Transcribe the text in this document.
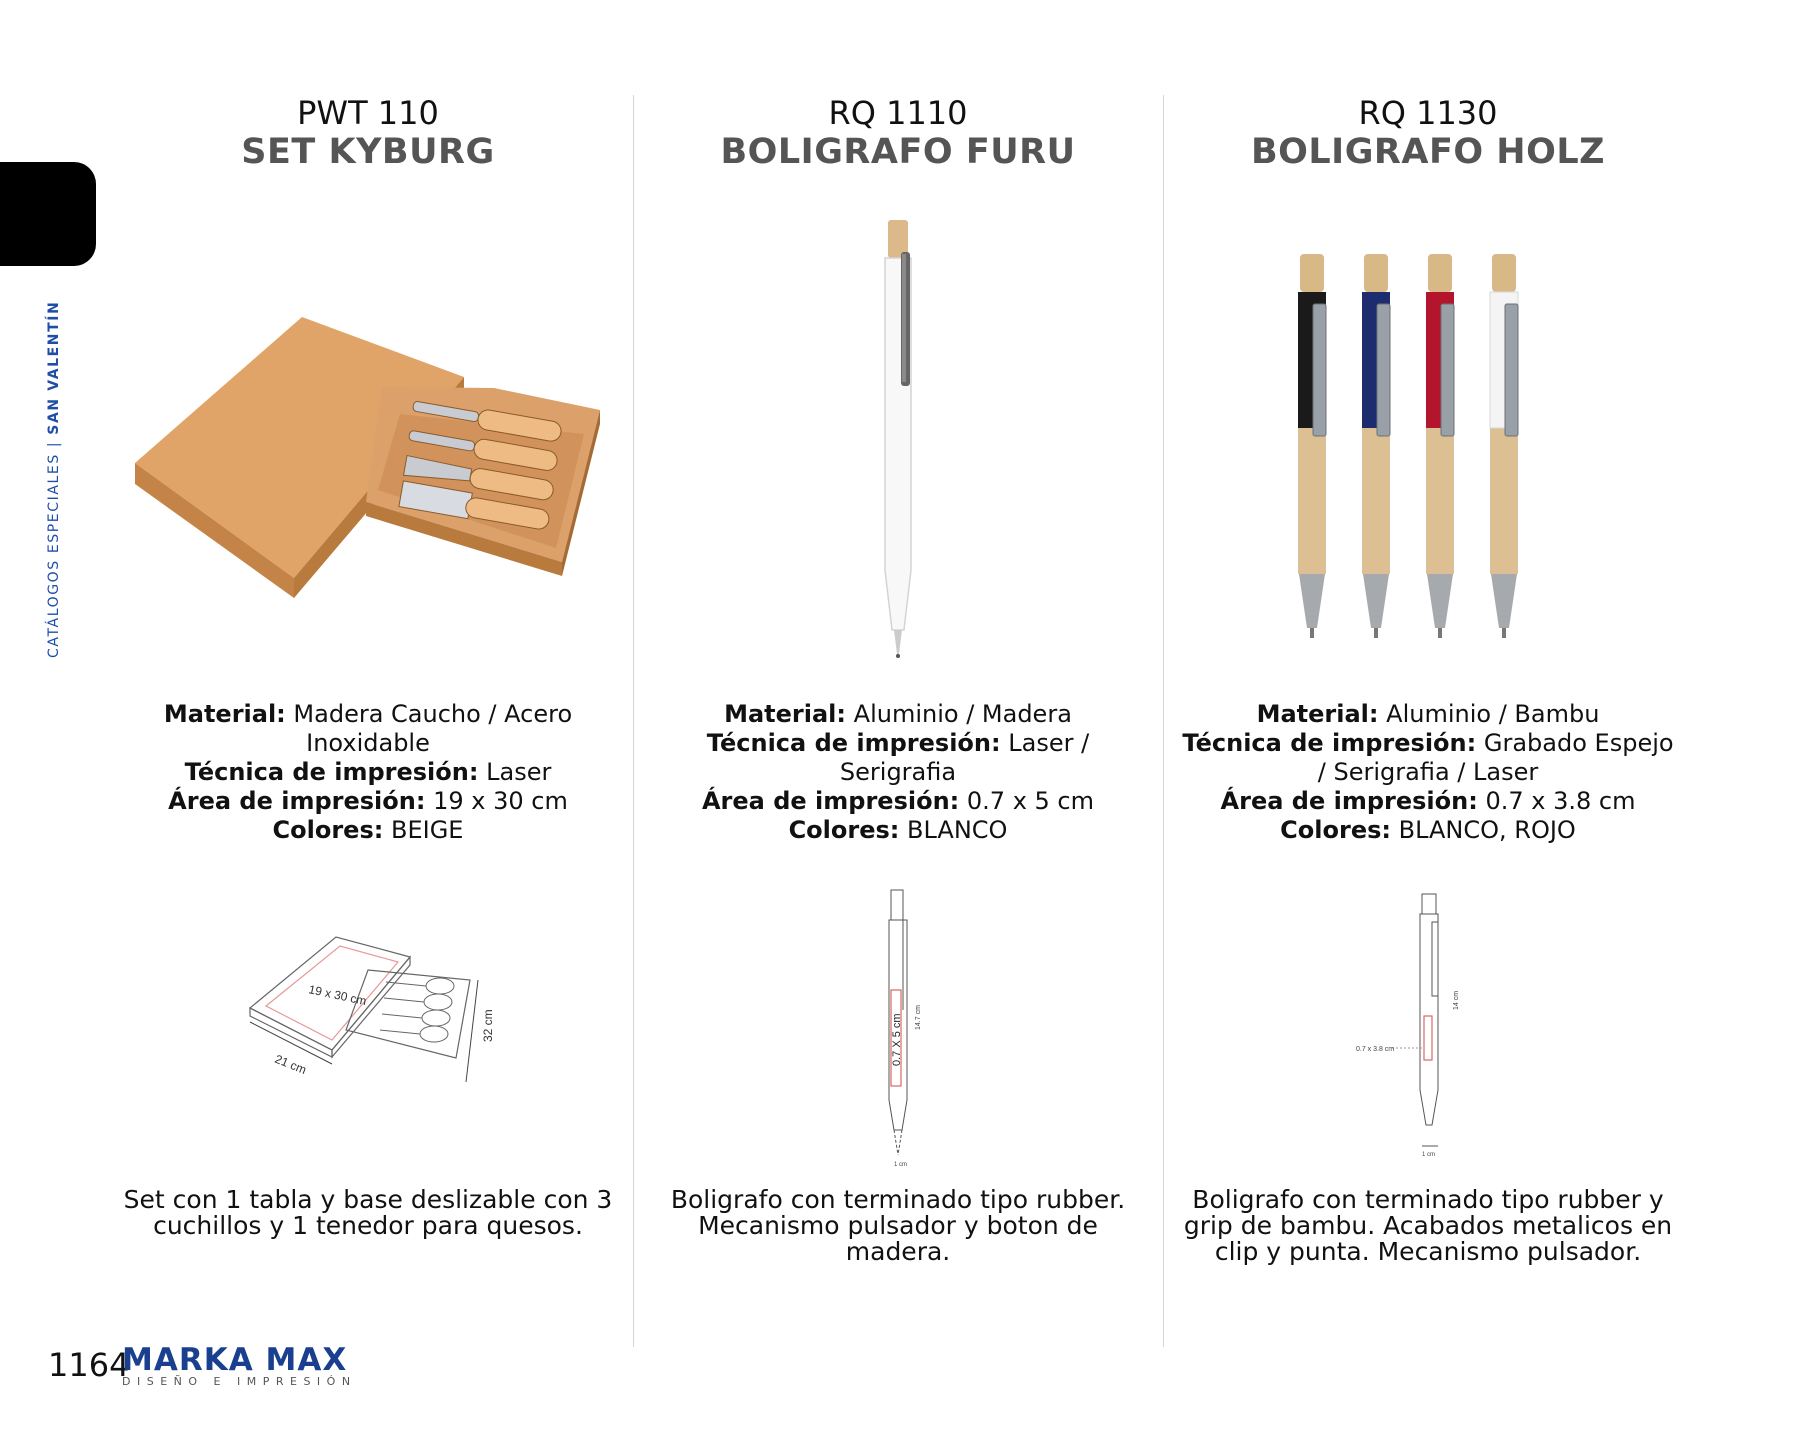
CATÁLOGOS ESPECIALES | SAN VALENTÍN
PWT 110
SET KYBURG
Material: Madera Caucho / Acero Inoxidable
Técnica de impresión: Laser
Área de impresión: 19 x 30 cm
Colores: BEIGE
19 x 30 cm
21 cm
32 cm
Set con 1 tabla y base deslizable con 3 cuchillos y 1 tenedor para quesos.
RQ 1110
BOLIGRAFO FURU
Material: Aluminio / Madera
Técnica de impresión: Laser / Serigrafia
Área de impresión: 0.7 x 5 cm
Colores: BLANCO
0.7 X 5 cm 14.7 cm
1 cm
Boligrafo con terminado tipo rubber. Mecanismo pulsador y boton de madera.
RQ 1130
BOLIGRAFO HOLZ
Material: Aluminio / Bambu
Técnica de impresión: Grabado Espejo / Serigrafia / Laser
Área de impresión: 0.7 x 3.8 cm
Colores: BLANCO, ROJO
0.7 x 3.8 cm
14 cm
1 cm
Boligrafo con terminado tipo rubber y grip de bambu. Acabados metalicos en clip y punta. Mecanismo pulsador.
1164
MARKA MAX
DISEÑO E IMPRESIÓN
